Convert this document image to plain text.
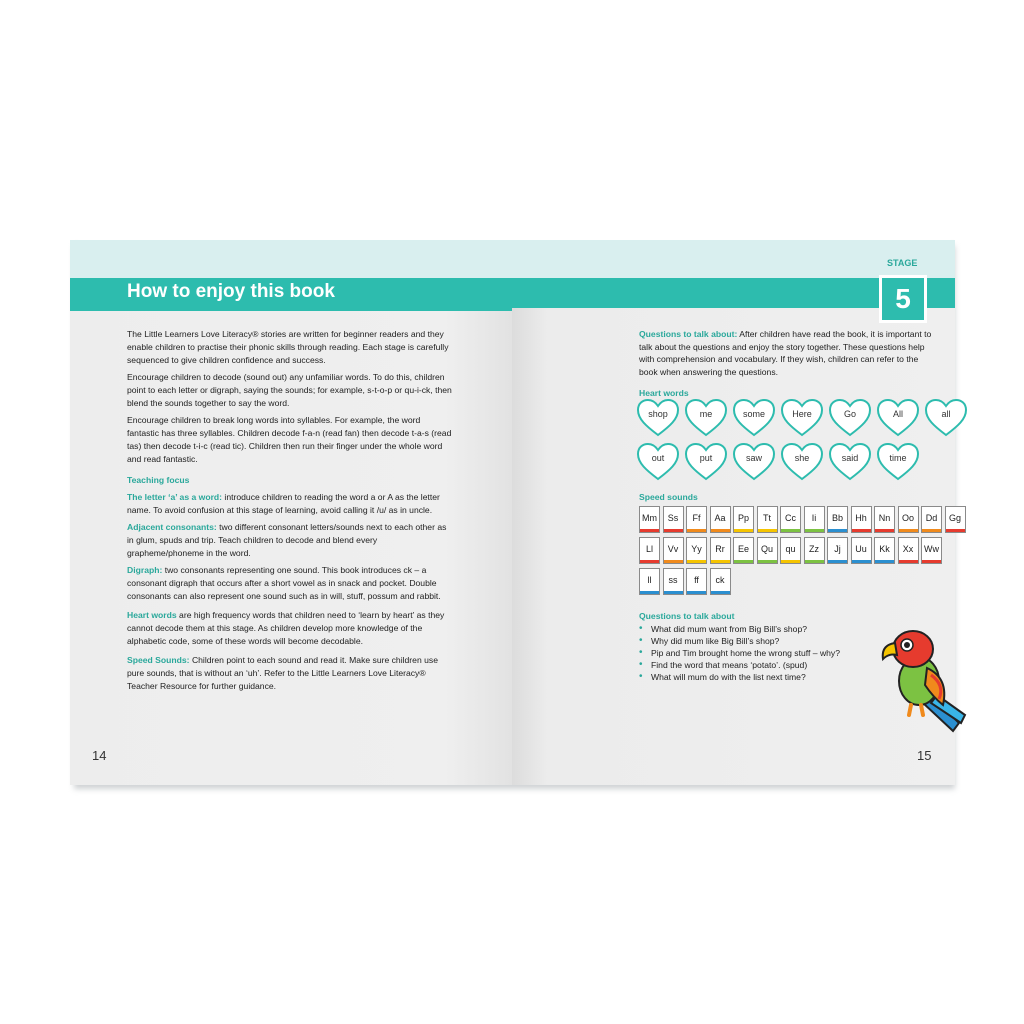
How to enjoy this book

The Little Learners Love Literacy® stories are written for beginner readers and they enable children to practise their phonic skills through reading. Each stage is carefully sequenced to give children confidence and success.

Encourage children to decode (sound out) any unfamiliar words. To do this, children point to each letter or digraph, saying the sounds; for example, s-t-o-p or qu-i-ck, then blend the sounds together to say the word.

Encourage children to break long words into syllables. For example, the word fantastic has three syllables. Children decode f-a-n (read fan) then decode t-a-s (read tas) then decode t-i-c (read tic). Children then run their finger under the whole word and read fantastic.

Teaching focus

The letter ‘a’ as a word: introduce children to reading the word a or A as the letter name. To avoid confusion at this stage of learning, avoid calling it /u/ as in uncle.

Adjacent consonants: two different consonant letters/sounds next to each other as in glum, spuds and trip. Teach children to decode and blend every grapheme/phoneme in the word.

Digraph: two consonants representing one sound. This book introduces ck – a consonant digraph that occurs after a short vowel as in snack and pocket. Double consonants can also represent one sound such as in will, stuff, possum and rabbit.

Heart words are high frequency words that children need to ‘learn by heart’ as they cannot decode them at this stage. As children develop more knowledge of the alphabetic code, some of these words will become decodable.

Speed Sounds: Children point to each sound and read it. Make sure children use pure sounds, that is without an ‘uh’. Refer to the Little Learners Love Literacy® Teacher Resource for further guidance.

14
STAGE
5
Questions to talk about: After children have read the book, it is important to talk about the questions and enjoy the story together. These questions help with comprehension and vocabulary. If they wish, children can refer to the book when answering the questions.
Heart words
shop	me	some	Here	Go	All	all
out	put	saw	she	said	time
Speed sounds
Questions to talk about
• What did mum want from Big Bill’s shop?
• Why did mum like Big Bill’s shop?
• Pip and Tim brought home the wrong stuff – why?
• Find the word that means ‘potato’. (spud)
• What will mum do with the list next time?
15
Mm	Ss	Ff	Aa	Pp	Tt	Cc	Ii	Bb	Hh	Nn	Oo	Dd	Gg
Ll	Vv	Yy	Rr	Ee	Qu	qu	Zz	Jj	Uu	Kk	Xx	Ww
ll	ss	ff	ck
